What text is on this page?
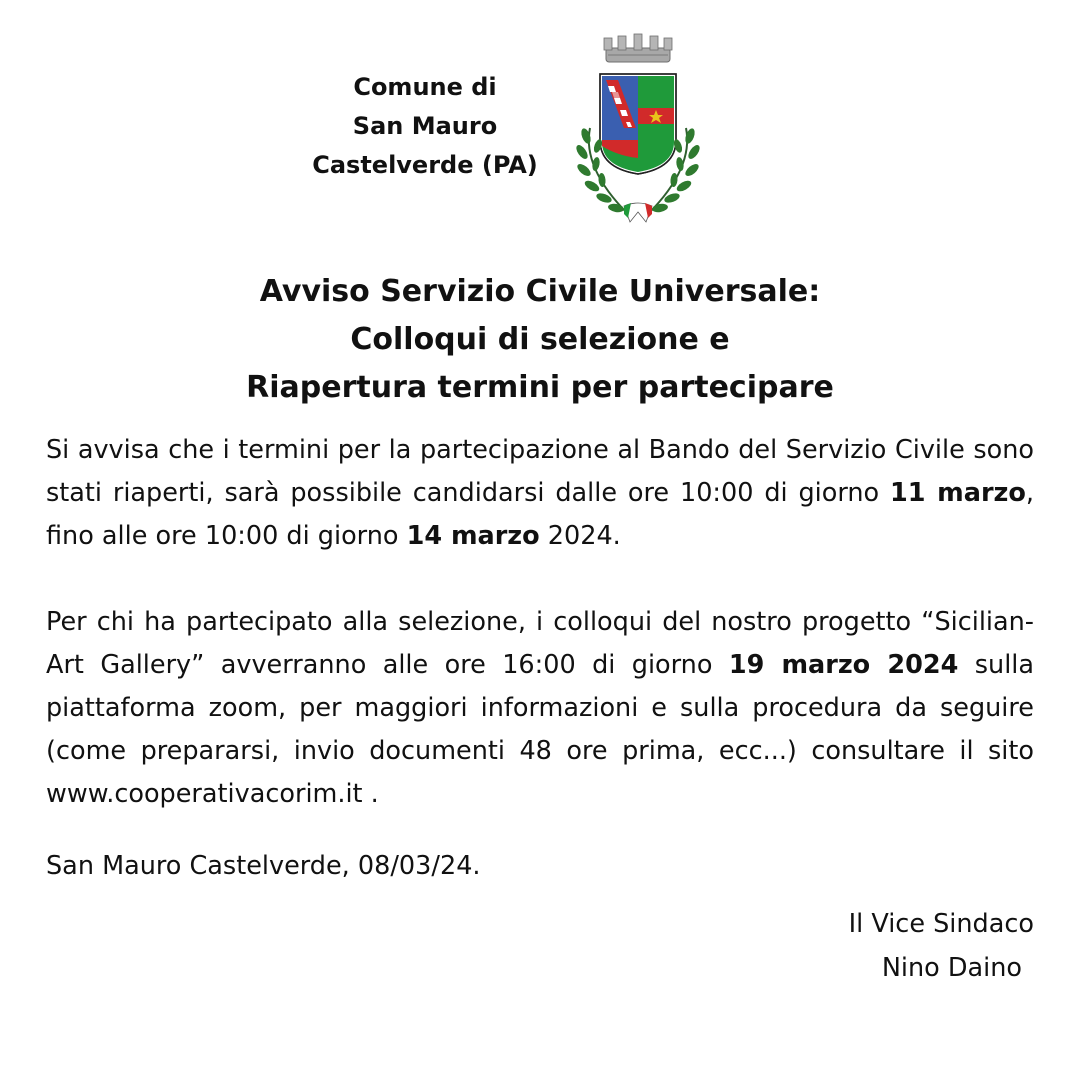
Comune di
San Mauro
Castelverde (PA)
Avviso Servizio Civile Universale:
Colloqui di selezione e
Riapertura termini per partecipare

Si avvisa che i termini per la partecipazione al Bando del Servizio Civile sono stati riaperti, sarà possibile candidarsi dalle ore 10:00 di giorno 11 marzo, fino alle ore 10:00 di giorno 14 marzo 2024.

Per chi ha partecipato alla selezione, i colloqui del nostro progetto “Sicilian-Art Gallery” avverranno alle ore 16:00 di giorno 19 marzo 2024 sulla piattaforma zoom, per maggiori informazioni e sulla procedura da seguire (come prepararsi, invio documenti 48 ore prima, ecc...) consultare il sito www.cooperativacorim.it .

San Mauro Castelverde, 08/03/24.
Il Vice Sindaco
Nino Daino
